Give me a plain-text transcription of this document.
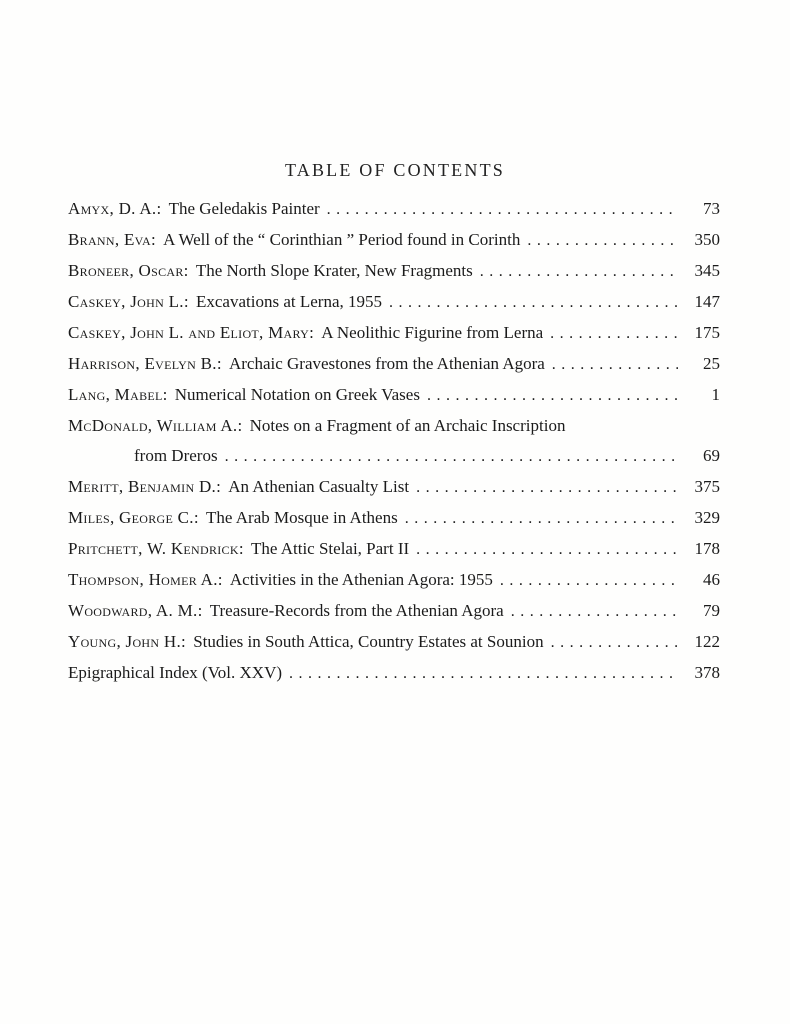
TABLE OF CONTENTS
Amyx, D. A.: The Geledakis Painter .....	73
Brann, Eva: A Well of the “ Corinthian ” Period found in Corinth .....	350
Broneer, Oscar: The North Slope Krater, New Fragments .....	345
Caskey, John L.: Excavations at Lerna, 1955 .....	147
Caskey, John L. and Eliot, Mary: A Neolithic Figurine from Lerna .....	175
Harrison, Evelyn B.: Archaic Gravestones from the Athenian Agora .....	25
Lang, Mabel: Numerical Notation on Greek Vases .....	1
McDonald, William A.: Notes on a Fragment of an Archaic Inscription
from Dreros .....	69
Meritt, Benjamin D.: An Athenian Casualty List .....	375
Miles, George C.: The Arab Mosque in Athens .....	329
Pritchett, W. Kendrick: The Attic Stelai, Part II .....	178
Thompson, Homer A.: Activities in the Athenian Agora: 1955 .....	46
Woodward, A. M.: Treasure-Records from the Athenian Agora .....	79
Young, John H.: Studies in South Attica, Country Estates at Sounion .....	122
Epigraphical Index (Vol. XXV) .....	378
